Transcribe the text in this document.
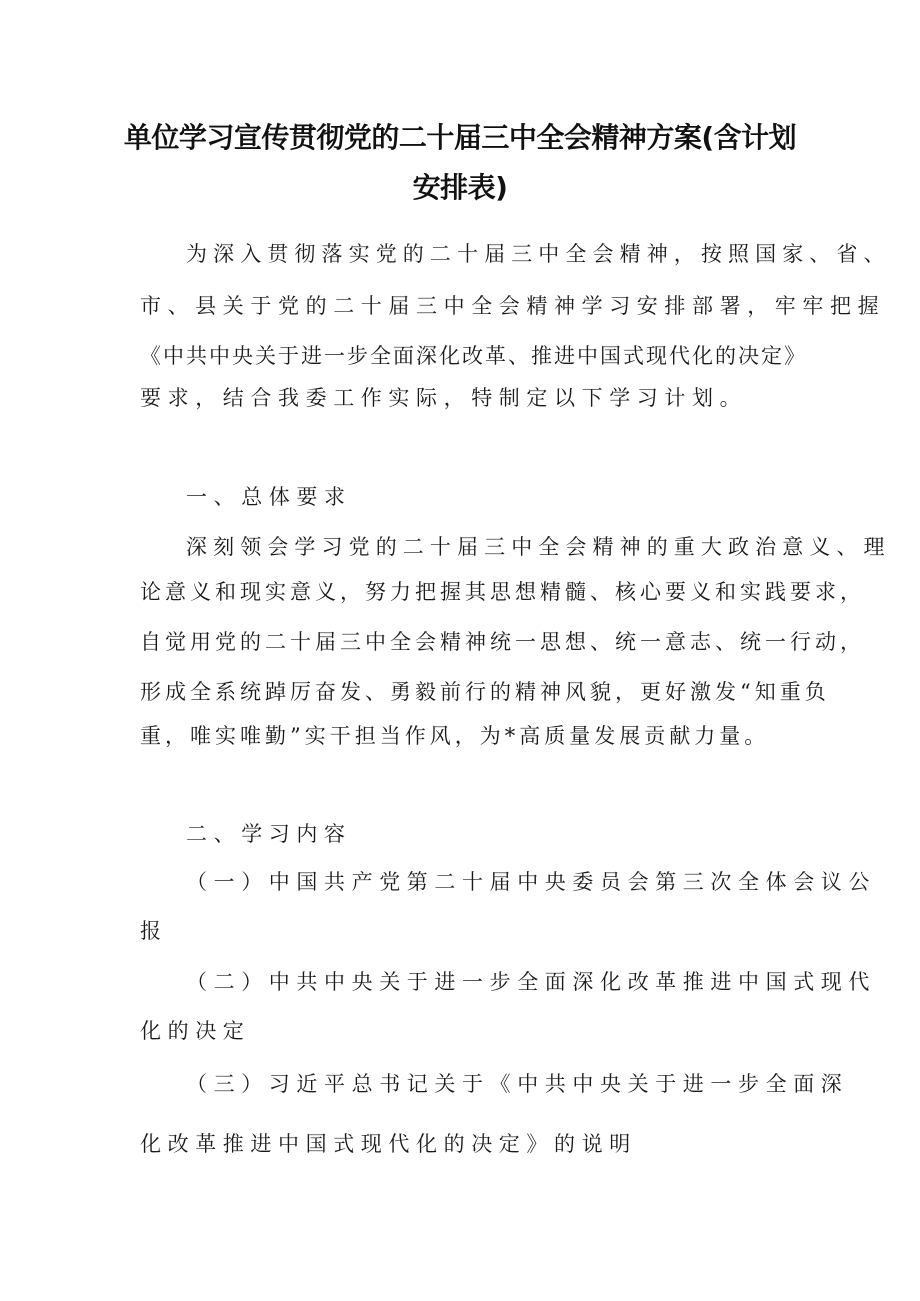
单位学习宣传贯彻党的二十届三中全会精神方案(含计划
安排表)

为深入贯彻落实党的二十届三中全会精神，按照国家、省、

市、县关于党的二十届三中全会精神学习安排部署，牢牢把握

《中共中央关于进一步全面深化改革、推进中国式现代化的决定》

要求，结合我委工作实际，特制定以下学习计划。

一、总体要求

深刻领会学习党的二十届三中全会精神的重大政治意义、理

论意义和现实意义，努力把握其思想精髓、核心要义和实践要求，

自觉用党的二十届三中全会精神统一思想、统一意志、统一行动，

形成全系统踔厉奋发、勇毅前行的精神风貌，更好激发“知重负

重，唯实唯勤”实干担当作风，为*高质量发展贡献力量。

二、学习内容

（一）中国共产党第二十届中央委员会第三次全体会议公

报

（二）中共中央关于进一步全面深化改革推进中国式现代

化的决定

（三）习近平总书记关于《中共中央关于进一步全面深

化改革推进中国式现代化的决定》的说明
